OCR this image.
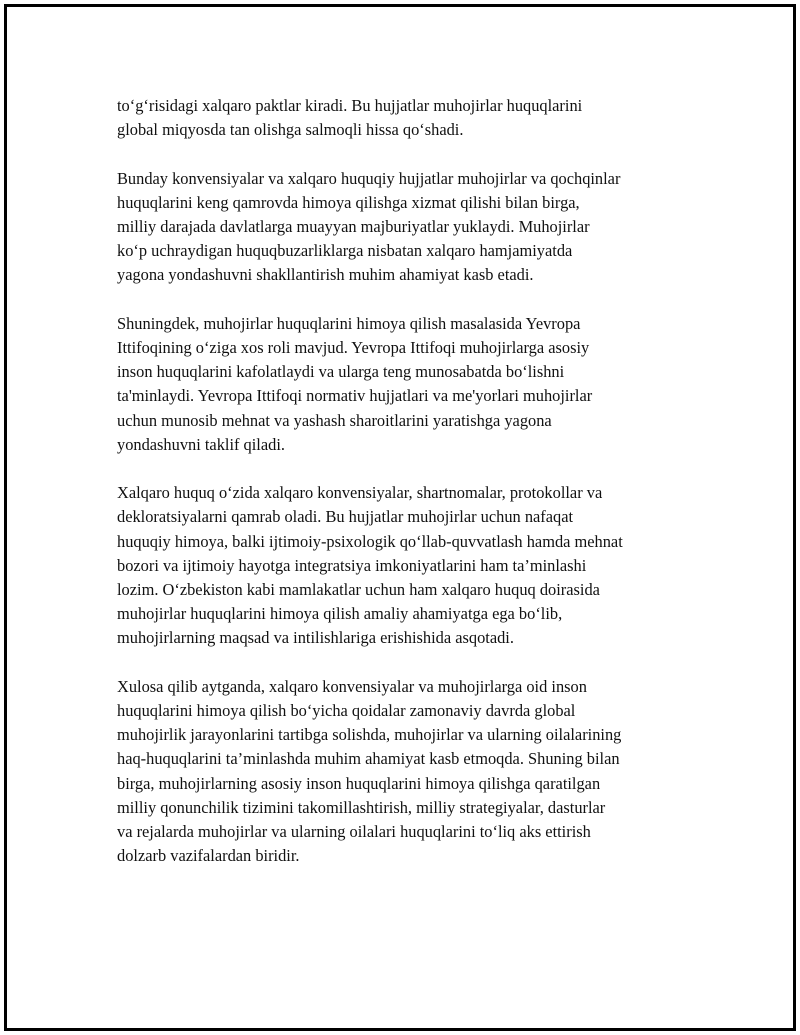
to‘g‘risidagi xalqaro paktlar kiradi. Bu hujjatlar muhojirlar huquqlarini
global miqyosda tan olishga salmoqli hissa qo‘shadi.

Bunday konvensiyalar va xalqaro huquqiy hujjatlar muhojirlar va qochqinlar
huquqlarini keng qamrovda himoya qilishga xizmat qilishi bilan birga,
milliy darajada davlatlarga muayyan majburiyatlar yuklaydi. Muhojirlar
ko‘p uchraydigan huquqbuzarliklarga nisbatan xalqaro hamjamiyatda
yagona yondashuvni shakllantirish muhim ahamiyat kasb etadi.

Shuningdek, muhojirlar huquqlarini himoya qilish masalasida Yevropa
Ittifoqining o‘ziga xos roli mavjud. Yevropa Ittifoqi muhojirlarga asosiy
inson huquqlarini kafolatlaydi va ularga teng munosabatda bo‘lishni
ta'minlaydi. Yevropa Ittifoqi normativ hujjatlari va me'yorlari muhojirlar
uchun munosib mehnat va yashash sharoitlarini yaratishga yagona
yondashuvni taklif qiladi.

Xalqaro huquq o‘zida xalqaro konvensiyalar, shartnomalar, protokollar va
dekloratsiyalarni qamrab oladi. Bu hujjatlar muhojirlar uchun nafaqat
huquqiy himoya, balki ijtimoiy-psixologik qo‘llab-quvvatlash hamda mehnat
bozori va ijtimoiy hayotga integratsiya imkoniyatlarini ham ta’minlashi
lozim. O‘zbekiston kabi mamlakatlar uchun ham xalqaro huquq doirasida
muhojirlar huquqlarini himoya qilish amaliy ahamiyatga ega bo‘lib,
muhojirlarning maqsad va intilishlariga erishishida asqotadi.

Xulosa qilib aytganda, xalqaro konvensiyalar va muhojirlarga oid inson
huquqlarini himoya qilish bo‘yicha qoidalar zamonaviy davrda global
muhojirlik jarayonlarini tartibga solishda, muhojirlar va ularning oilalarining
haq-huquqlarini ta’minlashda muhim ahamiyat kasb etmoqda. Shuning bilan
birga, muhojirlarning asosiy inson huquqlarini himoya qilishga qaratilgan
milliy qonunchilik tizimini takomillashtirish, milliy strategiyalar, dasturlar
va rejalarda muhojirlar va ularning oilalari huquqlarini to‘liq aks ettirish
dolzarb vazifalardan biridir.
